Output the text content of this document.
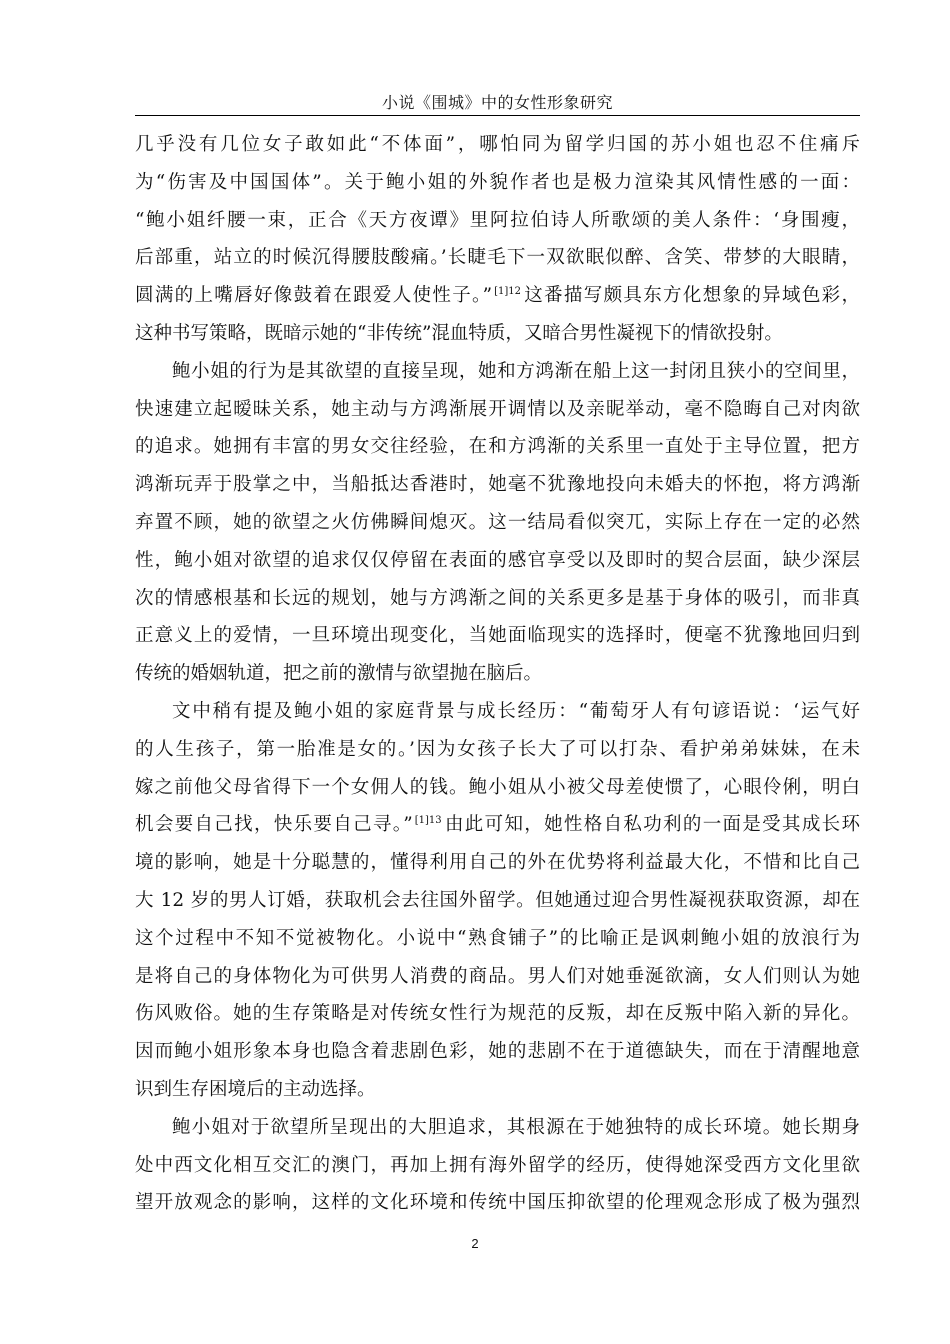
小说《围城》中的女性形象研究
几乎没有几位女子敢如此“不体面”，哪怕同为留学归国的苏小姐也忍不住痛斥
为“伤害及中国国体”。关于鲍小姐的外貌作者也是极力渲染其风情性感的一面：
“鲍小姐纤腰一束，正合《天方夜谭》里阿拉伯诗人所歌颂的美人条件：‘身围瘦，
后部重，站立的时候沉得腰肢酸痛。’长睫毛下一双欲眠似醉、含笑、带梦的大眼睛，
圆满的上嘴唇好像鼓着在跟爱人使性子。” $^{[1]12}$ 这番描写颇具东方化想象的异域色彩，
这种书写策略，既暗示她的“非传统”混血特质，又暗合男性凝视下的情欲投射。
鲍小姐的行为是其欲望的直接呈现，她和方鸿渐在船上这一封闭且狭小的空间里，
快速建立起暧昧关系，她主动与方鸿渐展开调情以及亲昵举动，毫不隐晦自己对肉欲
的追求。她拥有丰富的男女交往经验，在和方鸿渐的关系里一直处于主导位置，把方
鸿渐玩弄于股掌之中，当船抵达香港时，她毫不犹豫地投向未婚夫的怀抱，将方鸿渐
弃置不顾，她的欲望之火仿佛瞬间熄灭。这一结局看似突兀，实际上存在一定的必然
性，鲍小姐对欲望的追求仅仅停留在表面的感官享受以及即时的契合层面，缺少深层
次的情感根基和长远的规划，她与方鸿渐之间的关系更多是基于身体的吸引，而非真
正意义上的爱情，一旦环境出现变化，当她面临现实的选择时，便毫不犹豫地回归到
传统的婚姻轨道，把之前的激情与欲望抛在脑后。
文中稍有提及鲍小姐的家庭背景与成长经历：“葡萄牙人有句谚语说：‘运气好
的人生孩子，第一胎准是女的。’因为女孩子长大了可以打杂、看护弟弟妹妹，在未
嫁之前他父母省得下一个女佣人的钱。鲍小姐从小被父母差使惯了，心眼伶俐，明白
机会要自己找，快乐要自己寻。” $^{[1]13}$ 由此可知，她性格自私功利的一面是受其成长环
境的影响，她是十分聪慧的，懂得利用自己的外在优势将利益最大化，不惜和比自己
大 12 岁的男人订婚，获取机会去往国外留学。但她通过迎合男性凝视获取资源，却在
这个过程中不知不觉被物化。小说中“熟食铺子”的比喻正是讽刺鲍小姐的放浪行为
是将自己的身体物化为可供男人消费的商品。男人们对她垂涎欲滴，女人们则认为她
伤风败俗。她的生存策略是对传统女性行为规范的反叛，却在反叛中陷入新的异化。
因而鲍小姐形象本身也隐含着悲剧色彩，她的悲剧不在于道德缺失，而在于清醒地意
识到生存困境后的主动选择。
鲍小姐对于欲望所呈现出的大胆追求，其根源在于她独特的成长环境。她长期身
处中西文化相互交汇的澳门，再加上拥有海外留学的经历，使得她深受西方文化里欲
望开放观念的影响，这样的文化环境和传统中国压抑欲望的伦理观念形成了极为强烈
2
